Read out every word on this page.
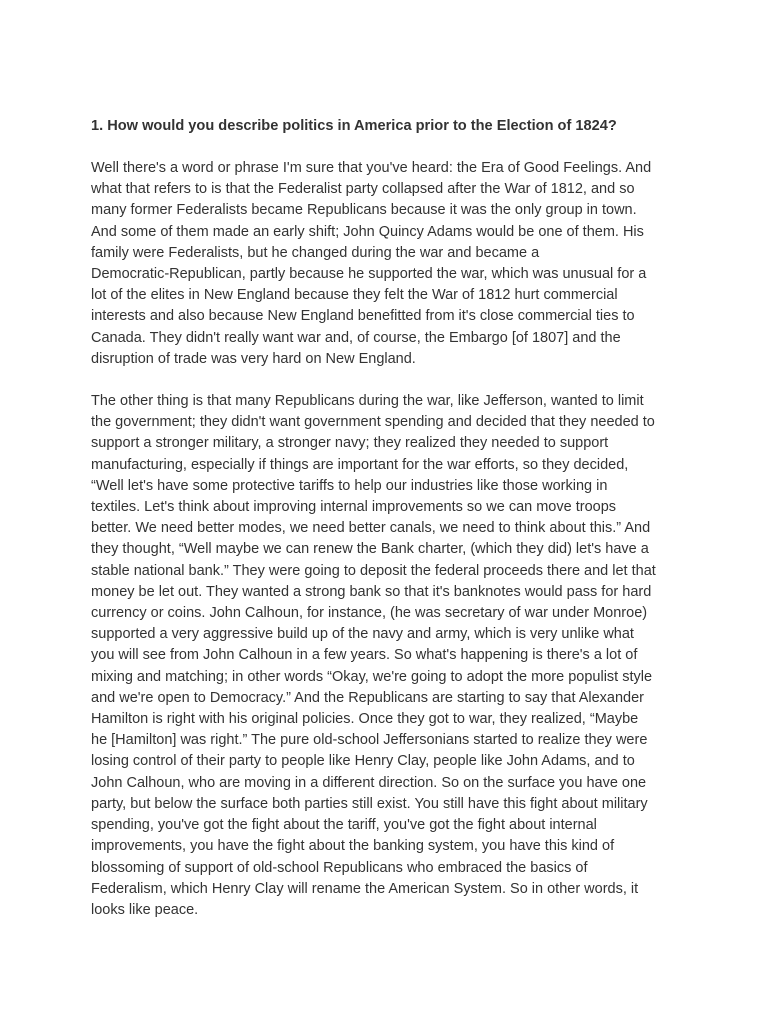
1. How would you describe politics in America prior to the Election of 1824?
Well there's a word or phrase I'm sure that you've heard: the Era of Good Feelings. And
what that refers to is that the Federalist party collapsed after the War of 1812, and so
many former Federalists became Republicans because it was the only group in town.
And some of them made an early shift; John Quincy Adams would be one of them. His
family were Federalists, but he changed during the war and became a
Democratic-Republican, partly because he supported the war, which was unusual for a
lot of the elites in New England because they felt the War of 1812 hurt commercial
interests and also because New England benefitted from it's close commercial ties to
Canada. They didn't really want war and, of course, the Embargo [of 1807] and the
disruption of trade was very hard on New England.
The other thing is that many Republicans during the war, like Jefferson, wanted to limit
the government; they didn't want government spending and decided that they needed to
support a stronger military, a stronger navy; they realized they needed to support
manufacturing, especially if things are important for the war efforts, so they decided,
“Well let's have some protective tariffs to help our industries like those working in
textiles. Let's think about improving internal improvements so we can move troops
better. We need better modes, we need better canals, we need to think about this.” And
they thought, “Well maybe we can renew the Bank charter, (which they did) let's have a
stable national bank.” They were going to deposit the federal proceeds there and let that
money be let out. They wanted a strong bank so that it's banknotes would pass for hard
currency or coins. John Calhoun, for instance, (he was secretary of war under Monroe)
supported a very aggressive build up of the navy and army, which is very unlike what
you will see from John Calhoun in a few years. So what's happening is there's a lot of
mixing and matching; in other words “Okay, we're going to adopt the more populist style
and we're open to Democracy.” And the Republicans are starting to say that Alexander
Hamilton is right with his original policies. Once they got to war, they realized, “Maybe
he [Hamilton] was right.” The pure old-school Jeffersonians started to realize they were
losing control of their party to people like Henry Clay, people like John Adams, and to
John Calhoun, who are moving in a different direction. So on the surface you have one
party, but below the surface both parties still exist. You still have this fight about military
spending, you've got the fight about the tariff, you've got the fight about internal
improvements, you have the fight about the banking system, you have this kind of
blossoming of support of old-school Republicans who embraced the basics of
Federalism, which Henry Clay will rename the American System. So in other words, it
looks like peace.
